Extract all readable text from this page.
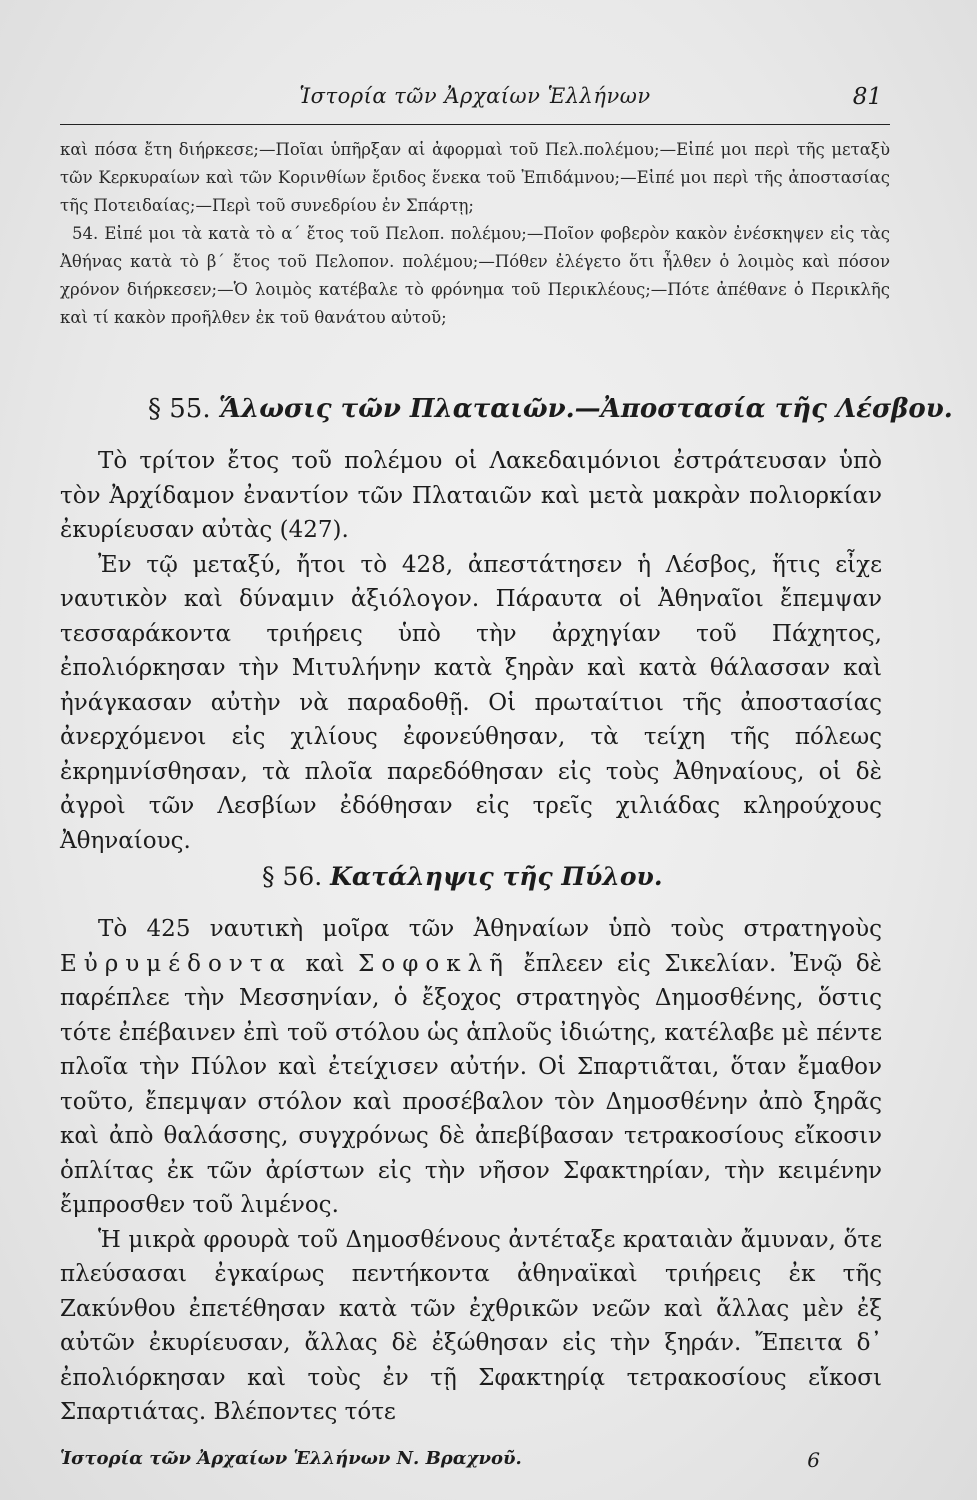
Ἱστορία τῶν Ἀρχαίων Ἑλλήνων	81

καὶ πόσα ἔτη διήρκεσε;—Ποῖαι ὑπῆρξαν αἱ ἀφορμαὶ τοῦ Πελ.πολέμου;—Εἰπέ μοι περὶ τῆς μεταξὺ τῶν Κερκυραίων καὶ τῶν Κορινθίων ἔριδος ἕνεκα τοῦ Ἐπιδάμνου;—Εἰπέ μοι περὶ τῆς ἀποστασίας τῆς Ποτειδαίας;—Περὶ τοῦ συνεδρίου ἐν Σπάρτῃ;

54. Εἰπέ μοι τὰ κατὰ τὸ α´ ἔτος τοῦ Πελοπ. πολέμου;—Ποῖον φοβερὸν κακὸν ἐνέσκηψεν εἰς τὰς Ἀθήνας κατὰ τὸ β´ ἔτος τοῦ Πελοπον. πολέμου;—Πόθεν ἐλέγετο ὅτι ἦλθεν ὁ λοιμὸς καὶ πόσον χρόνον διήρκεσεν;—Ὁ λοιμὸς κατέβαλε τὸ φρόνημα τοῦ Περικλέους;—Πότε ἀπέθανε ὁ Περικλῆς καὶ τί κακὸν προῆλθεν ἐκ τοῦ θανάτου αὐτοῦ;

§ 55. Ἅλωσις τῶν Πλαταιῶν.—Ἀποστασία τῆς Λέσβου.

Τὸ τρίτον ἔτος τοῦ πολέμου οἱ Λακεδαιμόνιοι ἐστράτευσαν ὑπὸ τὸν Ἀρχίδαμον ἐναντίον τῶν Πλαταιῶν καὶ μετὰ μακρὰν πολιορκίαν ἐκυρίευσαν αὐτὰς (427).

Ἐν τῷ μεταξύ, ἤτοι τὸ 428, ἀπεστάτησεν ἡ Λέσβος, ἥτις εἶχε ναυτικὸν καὶ δύναμιν ἀξιόλογον. Πάραυτα οἱ Ἀθηναῖοι ἔπεμψαν τεσσαράκοντα τριήρεις ὑπὸ τὴν ἀρχηγίαν τοῦ Πάχητος, ἐπολιόρκησαν τὴν Μιτυλήνην κατὰ ξηρὰν καὶ κατὰ θάλασσαν καὶ ἠνάγκασαν αὐτὴν νὰ παραδοθῇ. Οἱ πρωταίτιοι τῆς ἀποστασίας ἀνερχόμενοι εἰς χιλίους ἐφονεύθησαν, τὰ τείχη τῆς πόλεως ἐκρημνίσθησαν, τὰ πλοῖα παρεδόθησαν εἰς τοὺς Ἀθηναίους, οἱ δὲ ἀγροὶ τῶν Λεσβίων ἐδόθησαν εἰς τρεῖς χιλιάδας κληρούχους Ἀθηναίους.

§ 56. Κατάληψις τῆς Πύλου.

Τὸ 425 ναυτικὴ μοῖρα τῶν Ἀθηναίων ὑπὸ τοὺς στρατηγοὺς Εὐρυμέδοντα καὶ Σοφοκλῆ ἔπλεεν εἰς Σικελίαν. Ἐνῷ δὲ παρέπλεε τὴν Μεσσηνίαν, ὁ ἔξοχος στρατηγὸς Δημοσθένης, ὅστις τότε ἐπέβαινεν ἐπὶ τοῦ στόλου ὡς ἁπλοῦς ἰδιώτης, κατέλαβε μὲ πέντε πλοῖα τὴν Πύλον καὶ ἐτείχισεν αὐτήν. Οἱ Σπαρτιᾶται, ὅταν ἔμαθον τοῦτο, ἔπεμψαν στόλον καὶ προσέβαλον τὸν Δημοσθένην ἀπὸ ξηρᾶς καὶ ἀπὸ θαλάσσης, συγχρόνως δὲ ἀπεβίβασαν τετρακοσίους εἴκοσιν ὁπλίτας ἐκ τῶν ἀρίστων εἰς τὴν νῆσον Σφακτηρίαν, τὴν κειμένην ἔμπροσθεν τοῦ λιμένος.

Ἡ μικρὰ φρουρὰ τοῦ Δημοσθένους ἀντέταξε κραταιὰν ἄμυναν, ὅτε πλεύσασαι ἐγκαίρως πεντήκοντα ἀθηναϊκαὶ τριήρεις ἐκ τῆς Ζακύνθου ἐπετέθησαν κατὰ τῶν ἐχθρικῶν νεῶν καὶ ἄλλας μὲν ἐξ αὐτῶν ἐκυρίευσαν, ἄλλας δὲ ἐξώθησαν εἰς τὴν ξηράν. Ἔπειτα δ᾽ ἐπολιόρκησαν καὶ τοὺς ἐν τῇ Σφακτηρίᾳ τετρακοσίους εἴκοσι Σπαρτιάτας. Βλέποντες τότε

Ἱστορία τῶν Ἀρχαίων Ἑλλήνων Ν. Βραχνοῦ.	6
